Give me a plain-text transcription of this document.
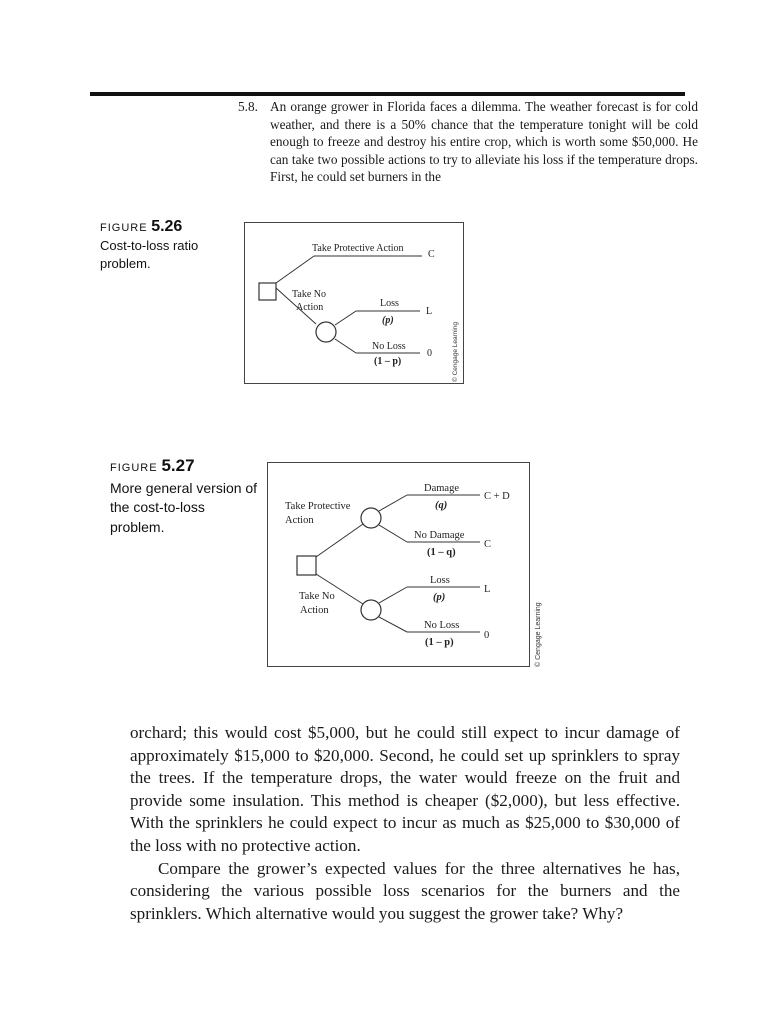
5.8. An orange grower in Florida faces a dilemma. The weather forecast is for cold weather, and there is a 50% chance that the temperature tonight will be cold enough to freeze and destroy his entire crop, which is worth some $50,000. He can take two possible actions to try to alleviate his loss if the temperature drops. First, he could set burners in the

FIGURE 5.26
Cost-to-loss ratio problem.
Take Protective Action
C
Take No
Action	Loss
(p)
L
No Loss
(1 – p)
0	© Cengage Learning
FIGURE 5.27
More general version of the cost-to-loss problem.
Take Protective
Action
Damage
(q)
C + D
No Damage
(1 – q)
C
Take No
Action
Loss
(p)
L
No Loss
(1 – p)
0	© Cengage Learning

orchard; this would cost $5,000, but he could still expect to incur damage of approximately $15,000 to $20,000. Second, he could set up sprinklers to spray the trees. If the temperature drops, the water would freeze on the fruit and provide some insulation. This method is cheaper ($2,000), but less effective. With the sprinklers he could expect to incur as much as $25,000 to $30,000 of the loss with no protective action.

Compare the grower’s expected values for the three alternatives he has, considering the various possible loss scenarios for the burners and the sprinklers. Which alternative would you suggest the grower take? Why?
